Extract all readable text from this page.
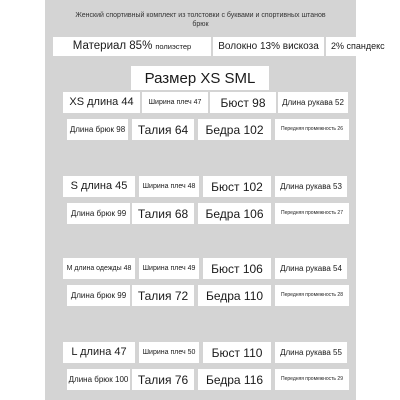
Женский спортивный комплект из толстовки с буквами и спортивных штанов
брюк
Материал 85% полиэстер	Волокно 13% вискоза	2% спандекс
Размер XS SML
XS длина 44	Ширина плеч 47	Бюст 98	Длина рукава 52
Длина брюк 98	Талия 64	Бедра 102	Передняя промежность 26
S длина 45	Ширина плеч 48	Бюст 102	Длина рукава 53
Длина брюк 99 Талия 68	Бедра 106	Передняя промежность 27
М длина одежды 48	Ширина плеч 49	Бюст 106	Длина рукава 54
Длина брюк 99 Талия 72	Бедра 110	Передняя промежность 28
L длина 47	Ширина плеч 50	Бюст 110	Длина рукава 55
Длина брюк 100 Талия 76	Бедра 116	Передняя промежность 29
